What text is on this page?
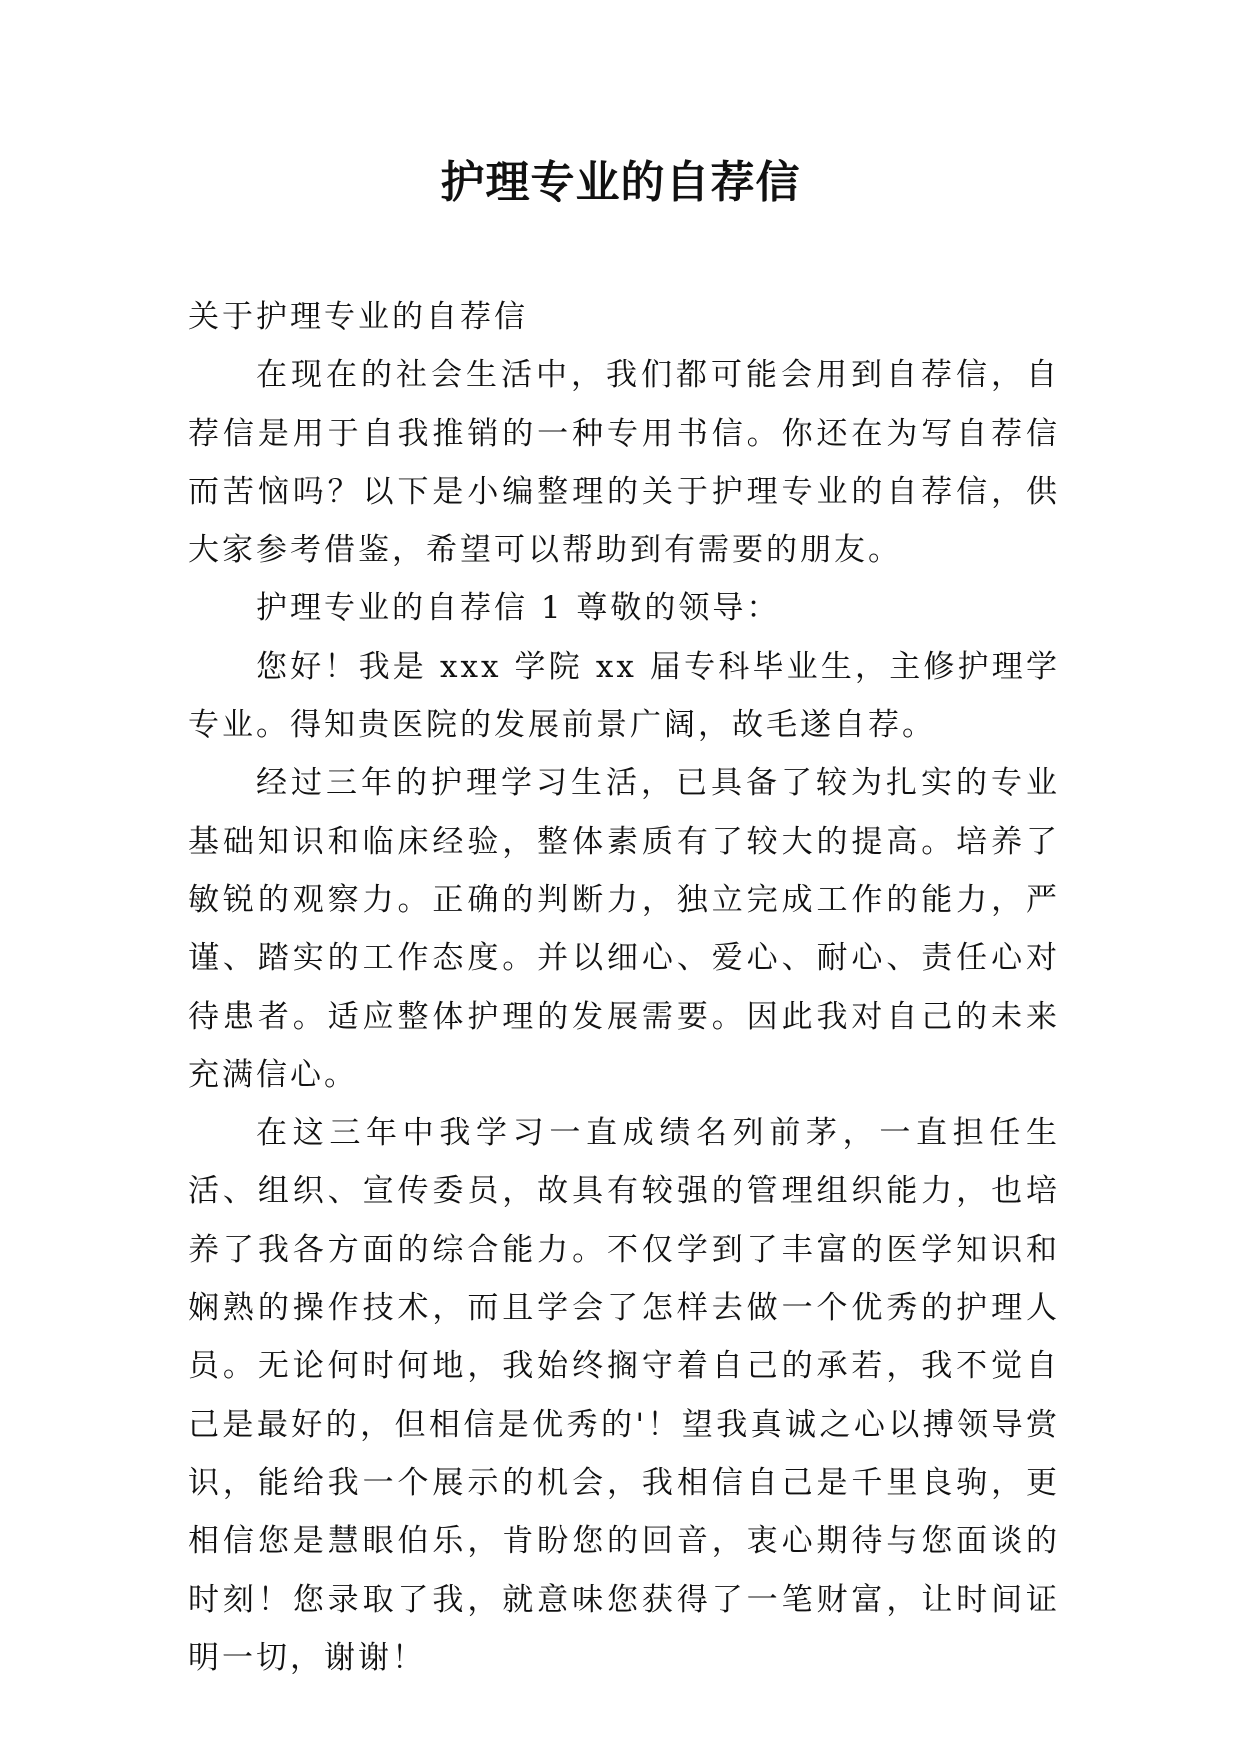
护理专业的自荐信

关于护理专业的自荐信

在现在的社会生活中，我们都可能会用到自荐信，自荐信是用于自我推销的一种专用书信。你还在为写自荐信而苦恼吗？以下是小编整理的关于护理专业的自荐信，供大家参考借鉴，希望可以帮助到有需要的朋友。

护理专业的自荐信 1 尊敬的领导：

您好！我是 xxx 学院 xx 届专科毕业生，主修护理学专业。得知贵医院的发展前景广阔，故毛遂自荐。

经过三年的护理学习生活，已具备了较为扎实的专业基础知识和临床经验，整体素质有了较大的提高。培养了敏锐的观察力。正确的判断力，独立完成工作的能力，严谨、踏实的工作态度。并以细心、爱心、耐心、责任心对待患者。适应整体护理的发展需要。因此我对自己的未来充满信心。

在这三年中我学习一直成绩名列前茅，一直担任生活、组织、宣传委员，故具有较强的管理组织能力，也培养了我各方面的综合能力。不仅学到了丰富的医学知识和娴熟的操作技术，而且学会了怎样去做一个优秀的护理人员。无论何时何地，我始终搁守着自己的承若，我不觉自己是最好的，但相信是优秀的'！望我真诚之心以搏领导赏识，能给我一个展示的机会，我相信自己是千里良驹，更相信您是慧眼伯乐，肯盼您的回音，衷心期待与您面谈的时刻！您录取了我，就意味您获得了一笔财富，让时间证明一切，谢谢！
